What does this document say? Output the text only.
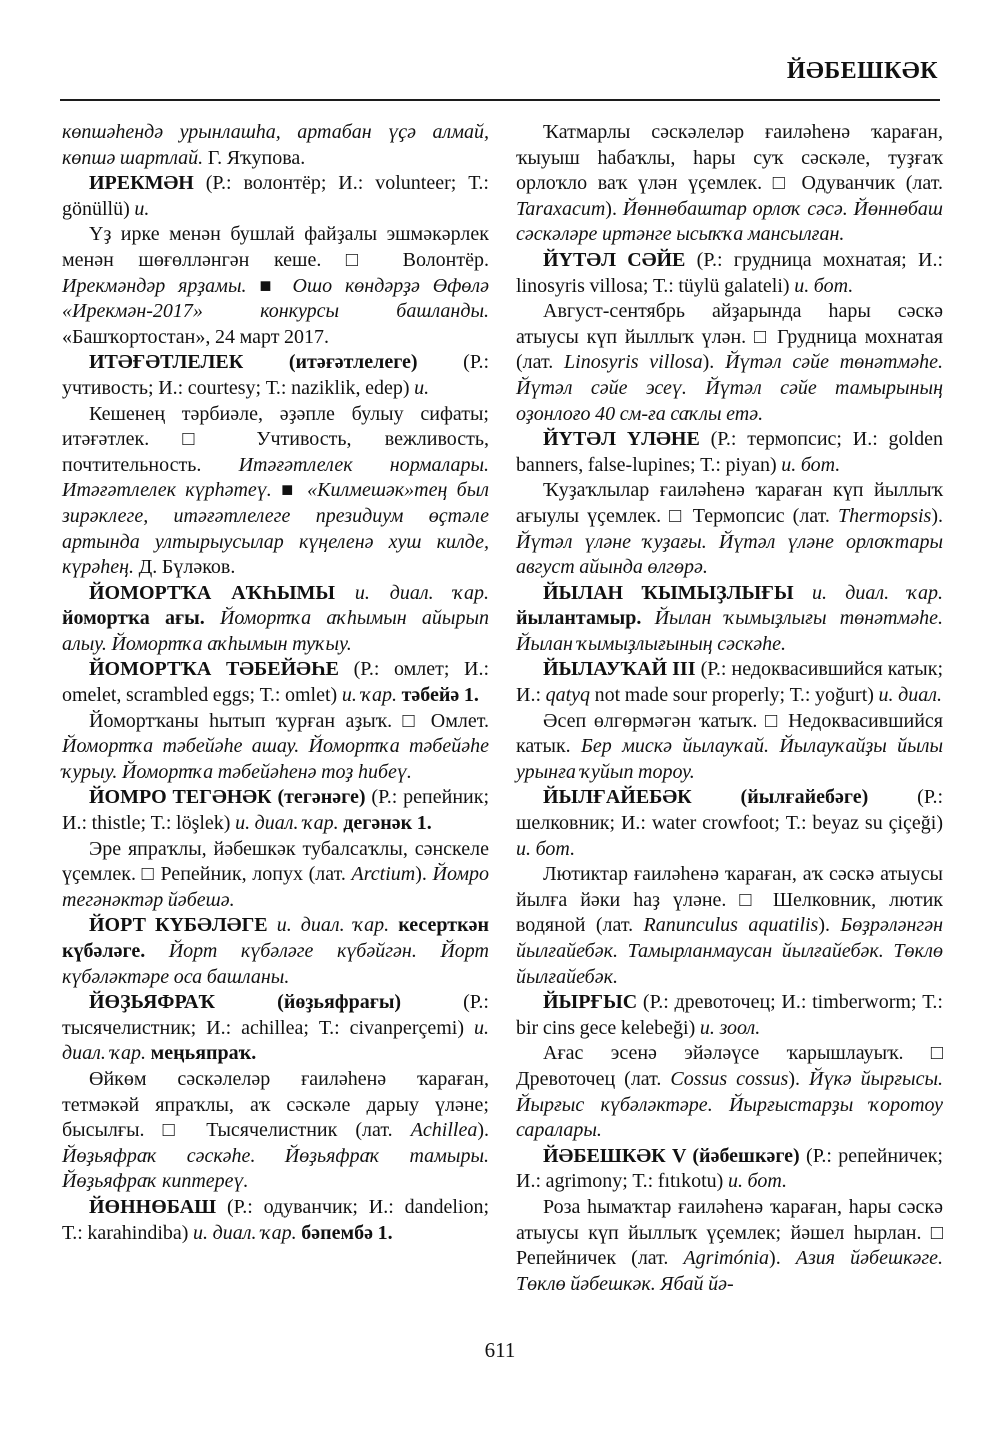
ЙӘБЕШКӘК

көпшәһендә урынлашһа, артабан үҫә алмай, көпшә шартлай. Г. Яҡупова.

ИРЕКМӘН (Р.: волонтёр; И.: volunteer; Т.: gönüllü) и.

Үҙ ирке менән бушлай файҙалы эшмәкәрлек менән шөғөлләнгән кеше. □ Волонтёр. Ирекмәндәр ярҙамы. ■ Ошо көндәрҙә Өфөлә «Ирекмән-2017» конкурсы башланды. «Башҡортостан», 24 март 2017.

ИТӘҒӘТЛЕЛЕК (итәғәтлелеге) (Р.: учтивость; И.: courtesy; Т.: naziklik, edep) и.

Кешенең тәрбиәле, әҙәпле булыу сифаты; итәғәтлек. □ Учтивость, вежливость, почтительность. Итәғәтлелек нормалары. Итәғәтлелек күрһәтеү. ■ «Килмешәк»тең был зирәклеге, итәғәтлелеге президиум өҫтәле артында ултырыусылар күңеленә хуш килде, күрәһең. Д. Бүләков.

ЙОМОРТҠА АҠҺЫМЫ и. диал. ҡар. йомортҡа ағы. Йомортҡа аҡһымын айырып алыу. Йомортҡа аҡһымын туҡыу.

ЙОМОРТҠА ТӘБЕЙӘҺЕ (Р.: омлет; И.: omelet, scrambled eggs; Т.: omlet) и. ҡар. тәбейә 1.

Йомортҡаны һытып ҡурған аҙыҡ. □ Омлет. Йомортҡа тәбейәһе ашау. Йомортҡа тәбейәһе ҡурыу. Йомортҡа тәбейәһенә тоҙ һибеү.

ЙОМРО ТЕГӘНӘК (тегәнәге) (Р.: репейник; И.: thistle; Т.: löşlek) и. диал. ҡар. дегәнәк 1.

Эре япраҡлы, йәбешкәк тубалсаҡлы, сәнскеле үҫемлек. □ Репейник, лопух (лат. Arctium). Йомро тегәнәктәр йәбешә.

ЙОРТ КҮБӘЛӘГЕ и. диал. ҡар. кесерткән күбәләге. Йорт күбәләге күбәйгән. Йорт күбәләктәре оса башланы.

ЙӨҘЬЯФРАҠ (йөҙьяфрағы) (Р.: тысячелистник; И.: achillea; Т.: civanperçemi) и. диал. ҡар. меңьяпраҡ.

Өйкөм сәскәлеләр ғаиләһенә ҡараған, тетмәкәй япраҡлы, аҡ сәскәле дарыу үләне; бысылғы. □ Тысячелистник (лат. Achillea). Йөҙьяфраҡ сәскәһе. Йөҙьяфраҡ тамыры. Йөҙьяфраҡ киптереү.

ЙӨННӨБАШ (Р.: одуванчик; И.: dandelion; Т.: karahindiba) и. диал. ҡар. бәпембә 1.

Ҡатмарлы сәскәлеләр ғаиләһенә ҡараған, ҡыуыш һабаҡлы, һары суҡ сәскәле, туҙғаҡ орлоҡло ваҡ үлән үҫемлек. □ Одуванчик (лат. Taraxacum). Йөннөбаштар орлоҡ сәсә. Йөннөбаш сәскәләре иртәнге ысыҡҡа мансылған.

ЙҮТӘЛ СӘЙЕ (Р.: грудница мохнатая; И.: linosyris villosa; Т.: tüylü galateli) и. бот.

Август-сентябрь айҙарында һары сәскә атыусы күп йыллыҡ үлән. □ Грудница мохнатая (лат. Linosyris villosa). Йүтәл сәйе төнәтмәһе. Йүтәл сәйе эсеү. Йүтәл сәйе тамырының оҙонлоғо 40 см-ға саҡлы етә.

ЙҮТӘЛ ҮЛӘНЕ (Р.: термопсис; И.: golden banners, false-lupines; Т.: piyan) и. бот.

Ҡуҙаҡлылар ғаиләһенә ҡараған күп йыллыҡ ағыулы үҫемлек. □ Термопсис (лат. Thermopsis). Йүтәл үләне ҡуҙағы. Йүтәл үләне орлоҡтары август айында өлгөрә.

ЙЫЛАН ҠЫМЫҘЛЫҒЫ и. диал. ҡар. йылантамыр. Йылан ҡымыҙлығы төнәтмәһе. Йылан ҡымыҙлығының сәскәһе.

ЙЫЛАУҠАЙ III (Р.: недоквасившийся катык; И.: qatyq not made sour properly; Т.: yoğurt) и. диал.

Әсеп өлгөрмәгән ҡатыҡ. □ Недоквасившийся катык. Бер мискә йылауҡай. Йылауҡайҙы йылы урынға ҡуйып тороу.

ЙЫЛҒАЙЕБӘК (йылғайебәге) (Р.: шелковник; И.: water crowfoot; Т.: beyaz su çiçeği) и. бот.

Лютиктар ғаиләһенә ҡараған, аҡ сәскә атыусы йылға йәки һаҙ үләне. □ Шелковник, лютик водяной (лат. Ranunculus aquatilis). Бөҙрәләнгән йылғайебәк. Тамырланмаусан йылғайебәк. Төклө йылғайебәк.

ЙЫРҒЫС (Р.: древоточец; И.: timberworm; Т.: bir cins gece kelebeği) и. зоол.

Ағас эсенә эйәләүсе ҡарышлауыҡ. □ Древоточец (лат. Cossus cossus). Йүкә йырғысы. Йырғыс күбәләктәре. Йырғыстарҙы ҡоротоу саралары.

ЙӘБЕШКӘК V (йәбешкәге) (Р.: репейничек; И.: agrimony; Т.: fıtıkotu) и. бот.

Роза һымаҡтар ғаиләһенә ҡараған, һары сәскә атыусы күп йыллыҡ үҫемлек; йәшел һырлан. □ Репейничек (лат. Agrimónia). Азия йәбешкәге. Төклө йәбешкәк. Ябай йә-

611
